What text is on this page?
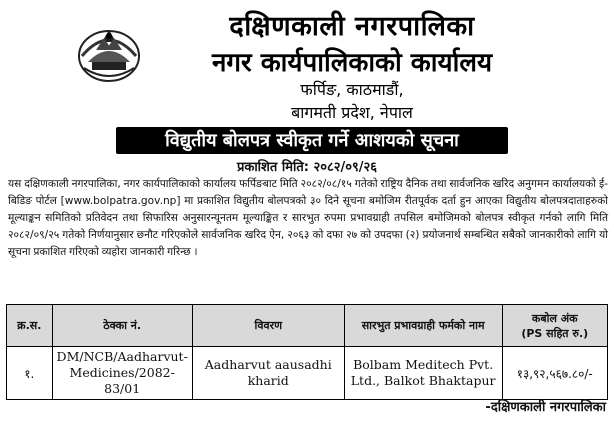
दक्षिणकाली नगरपालिका
नगर कार्यपालिकाको कार्यालय
फर्पिङ, काठमाडौं,
बागमती प्रदेश, नेपाल
विद्युतीय बोलपत्र स्वीकृत गर्ने आशयको सूचना
प्रकाशित मिति: २०८२/०९/२६
यस दक्षिणकाली नगरपालिका, नगर कार्यपालिकाको कार्यालय फर्पिङबाट मिति २०८२/०८/१५ गतेको राष्ट्रिय दैनिक तथा सार्वजनिक खरिद अनुगमन कार्यालयको ई-बिडिङ पोर्टल [www.bolpatra.gov.np] मा प्रकाशित विद्युतीय बोलपत्रको ३० दिने सूचना बमोजिम रीतपूर्वक दर्ता हुन आएका विद्युतीय बोलपत्रदाताहरुको मूल्याङ्कन समितिको प्रतिवेदन तथा सिफारिस अनुसारन्यूनतम मूल्याङ्कित र सारभुत रुपमा प्रभावग्राही तपसिल बमोजिमको बोलपत्र स्वीकृत गर्नको लागि मिति २०८२/०९/२५ गतेको निर्णयानुसार छनौट गरिएकोले सार्वजनिक खरिद ऐन, २०६३ को दफा २७ को उपदफा (२) प्रयोजनार्थ सम्बन्धित सबैको जानकारीको लागि यो सूचना प्रकाशित गरिएको व्यहोरा जानकारी गरिन्छ ।
क्र.स.	ठेक्का नं.	विवरण	सारभुत प्रभावग्राही फर्मको नाम	कबोल अंक
(PS सहित रु.)

१.	DM/NCB/Aadharvut-Medicines/2082-83/01	Aadharvut aausadhi kharid	Bolbam Meditech Pvt. Ltd., Balkot Bhaktapur	१३,९२,५६७.८०/-
-दक्षिणकाली नगरपालिका
